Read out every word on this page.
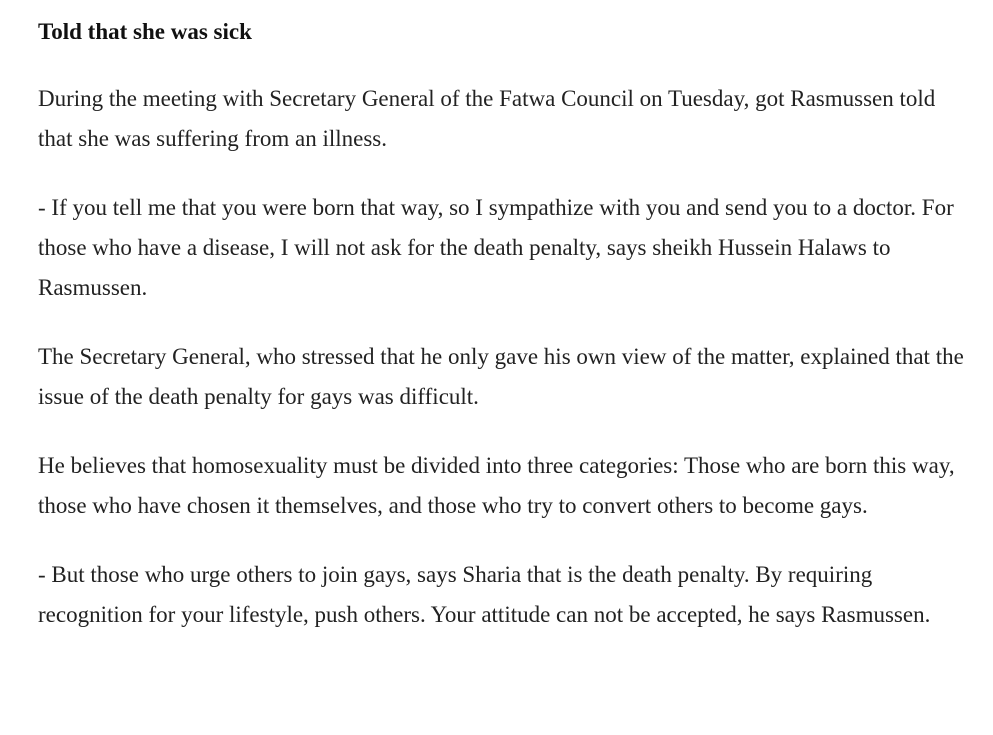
Told that she was sick

During the meeting with Secretary General of the Fatwa Council on Tuesday, got Rasmussen told that she was suffering from an illness.

- If you tell me that you were born that way, so I sympathize with you and send you to a doctor. For those who have a disease, I will not ask for the death penalty, says sheikh Hussein Halaws to Rasmussen.

The Secretary General, who stressed that he only gave his own view of the matter, explained that the issue of the death penalty for gays was difficult.

He believes that homosexuality must be divided into three categories: Those who are born this way, those who have chosen it themselves, and those who try to convert others to become gays.

- But those who urge others to join gays, says Sharia that is the death penalty. By requiring recognition for your lifestyle, push others. Your attitude can not be accepted, he says Rasmussen.
